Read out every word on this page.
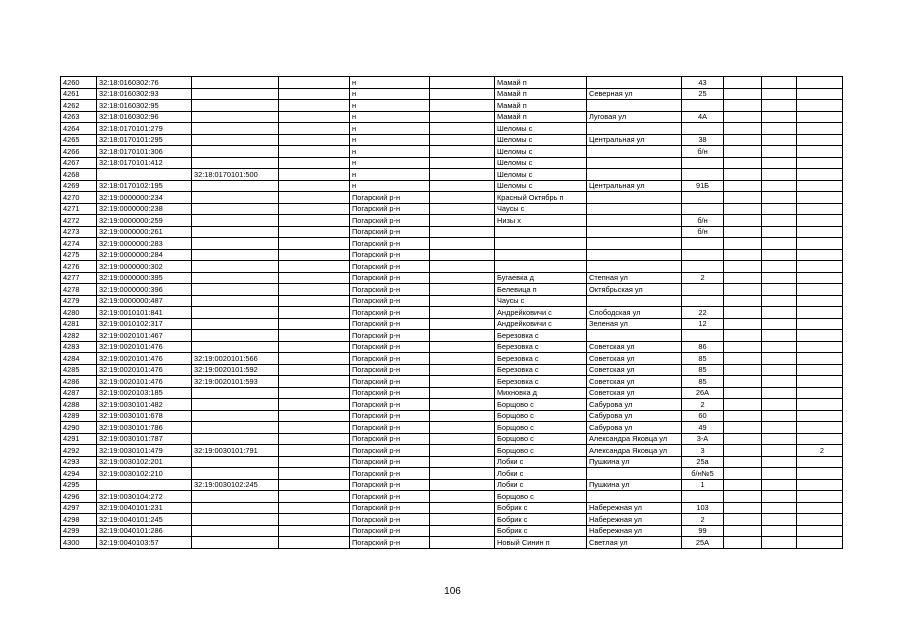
4260	32:18:0160302:76			н		Мамай п		43			
4261	32:18:0160302:93			н		Мамай п	Северная ул	25			
4262	32:18:0160302:95			н		Мамай п					
4263	32:18:0160302:96			н		Мамай п	Луговая ул	4А			
4264	32:18:0170101:279			н		Шеломы с					
4265	32:18:0170101:295			н		Шеломы с	Центральная ул	38			
4266	32:18:0170101:306			н		Шеломы с		б/н			
4267	32:18:0170101:412			н		Шеломы с					
4268		32:18:0170101:500		н		Шеломы с					
4269	32:18:0170102:195			н		Шеломы с	Центральная ул	91Б			
4270	32:19:0000000:234			Погарский р-н		Красный Октябрь п					
4271	32:19:0000000:238			Погарский р-н		Чаусы с					
4272	32:19:0000000:259			Погарский р-н		Низы х		б/н			
4273	32:19:0000000:261			Погарский р-н				б/н			
4274	32:19:0000000:283			Погарский р-н							
4275	32:19:0000000:284			Погарский р-н							
4276	32:19:0000000:302			Погарский р-н							
4277	32:19:0000000:395			Погарский р-н		Бугаевка д	Степная ул	2			
4278	32:19:0000000:396			Погарский р-н		Белевица п	Октябрьская ул				
4279	32:19:0000000:487			Погарский р-н		Чаусы с					
4280	32:19:0010101:841			Погарский р-н		Андрейковичи с	Слободская ул	22			
4281	32:19:0010102:317			Погарский р-н		Андрейковичи с	Зеленая ул	12			
4282	32:19:0020101:467			Погарский р-н		Березовка с					
4283	32:19:0020101:476			Погарский р-н		Березовка с	Советская ул	86			
4284	32:19:0020101:476	32:19:0020101:566		Погарский р-н		Березовка с	Советская ул	85			
4285	32:19:0020101:476	32:19:0020101:592		Погарский р-н		Березовка с	Советская ул	85			
4286	32:19:0020101:476	32:19:0020101:593		Погарский р-н		Березовка с	Советская ул	85			
4287	32:19:0020103:185			Погарский р-н		Михновка д	Советская ул	26А			
4288	32:19:0030101:482			Погарский р-н		Борщово с	Сабурова ул	2			
4289	32:19:0030101:678			Погарский р-н		Борщово с	Сабурова ул	60			
4290	32:19:0030101:786			Погарский р-н		Борщово с	Сабурова ул	49			
4291	32:19:0030101:787			Погарский р-н		Борщово с	Александра Яковца ул	3-А			
4292	32:19:0030101:479	32:19:0030101:791		Погарский р-н		Борщово с	Александра Яковца ул	3			2
4293	32:19:0030102:201			Погарский р-н		Лобки с	Пушкина ул	25а			
4294	32:19:0030102:210			Погарский р-н		Лобки с		б/н№5			
4295		32:19:0030102:245		Погарский р-н		Лобки с	Пушкина ул	1			
4296	32:19:0030104:272			Погарский р-н		Борщово с					
4297	32:19:0040101:231			Погарский р-н		Бобрик с	Набережная ул	103			
4298	32:19:0040101:245			Погарский р-н		Бобрик с	Набережная ул	2			
4299	32:19:0040101:286			Погарский р-н		Бобрик с	Набережная ул	99			
4300	32:19:0040103:57			Погарский р-н		Новый Синин п	Светлая ул	25А			
106
